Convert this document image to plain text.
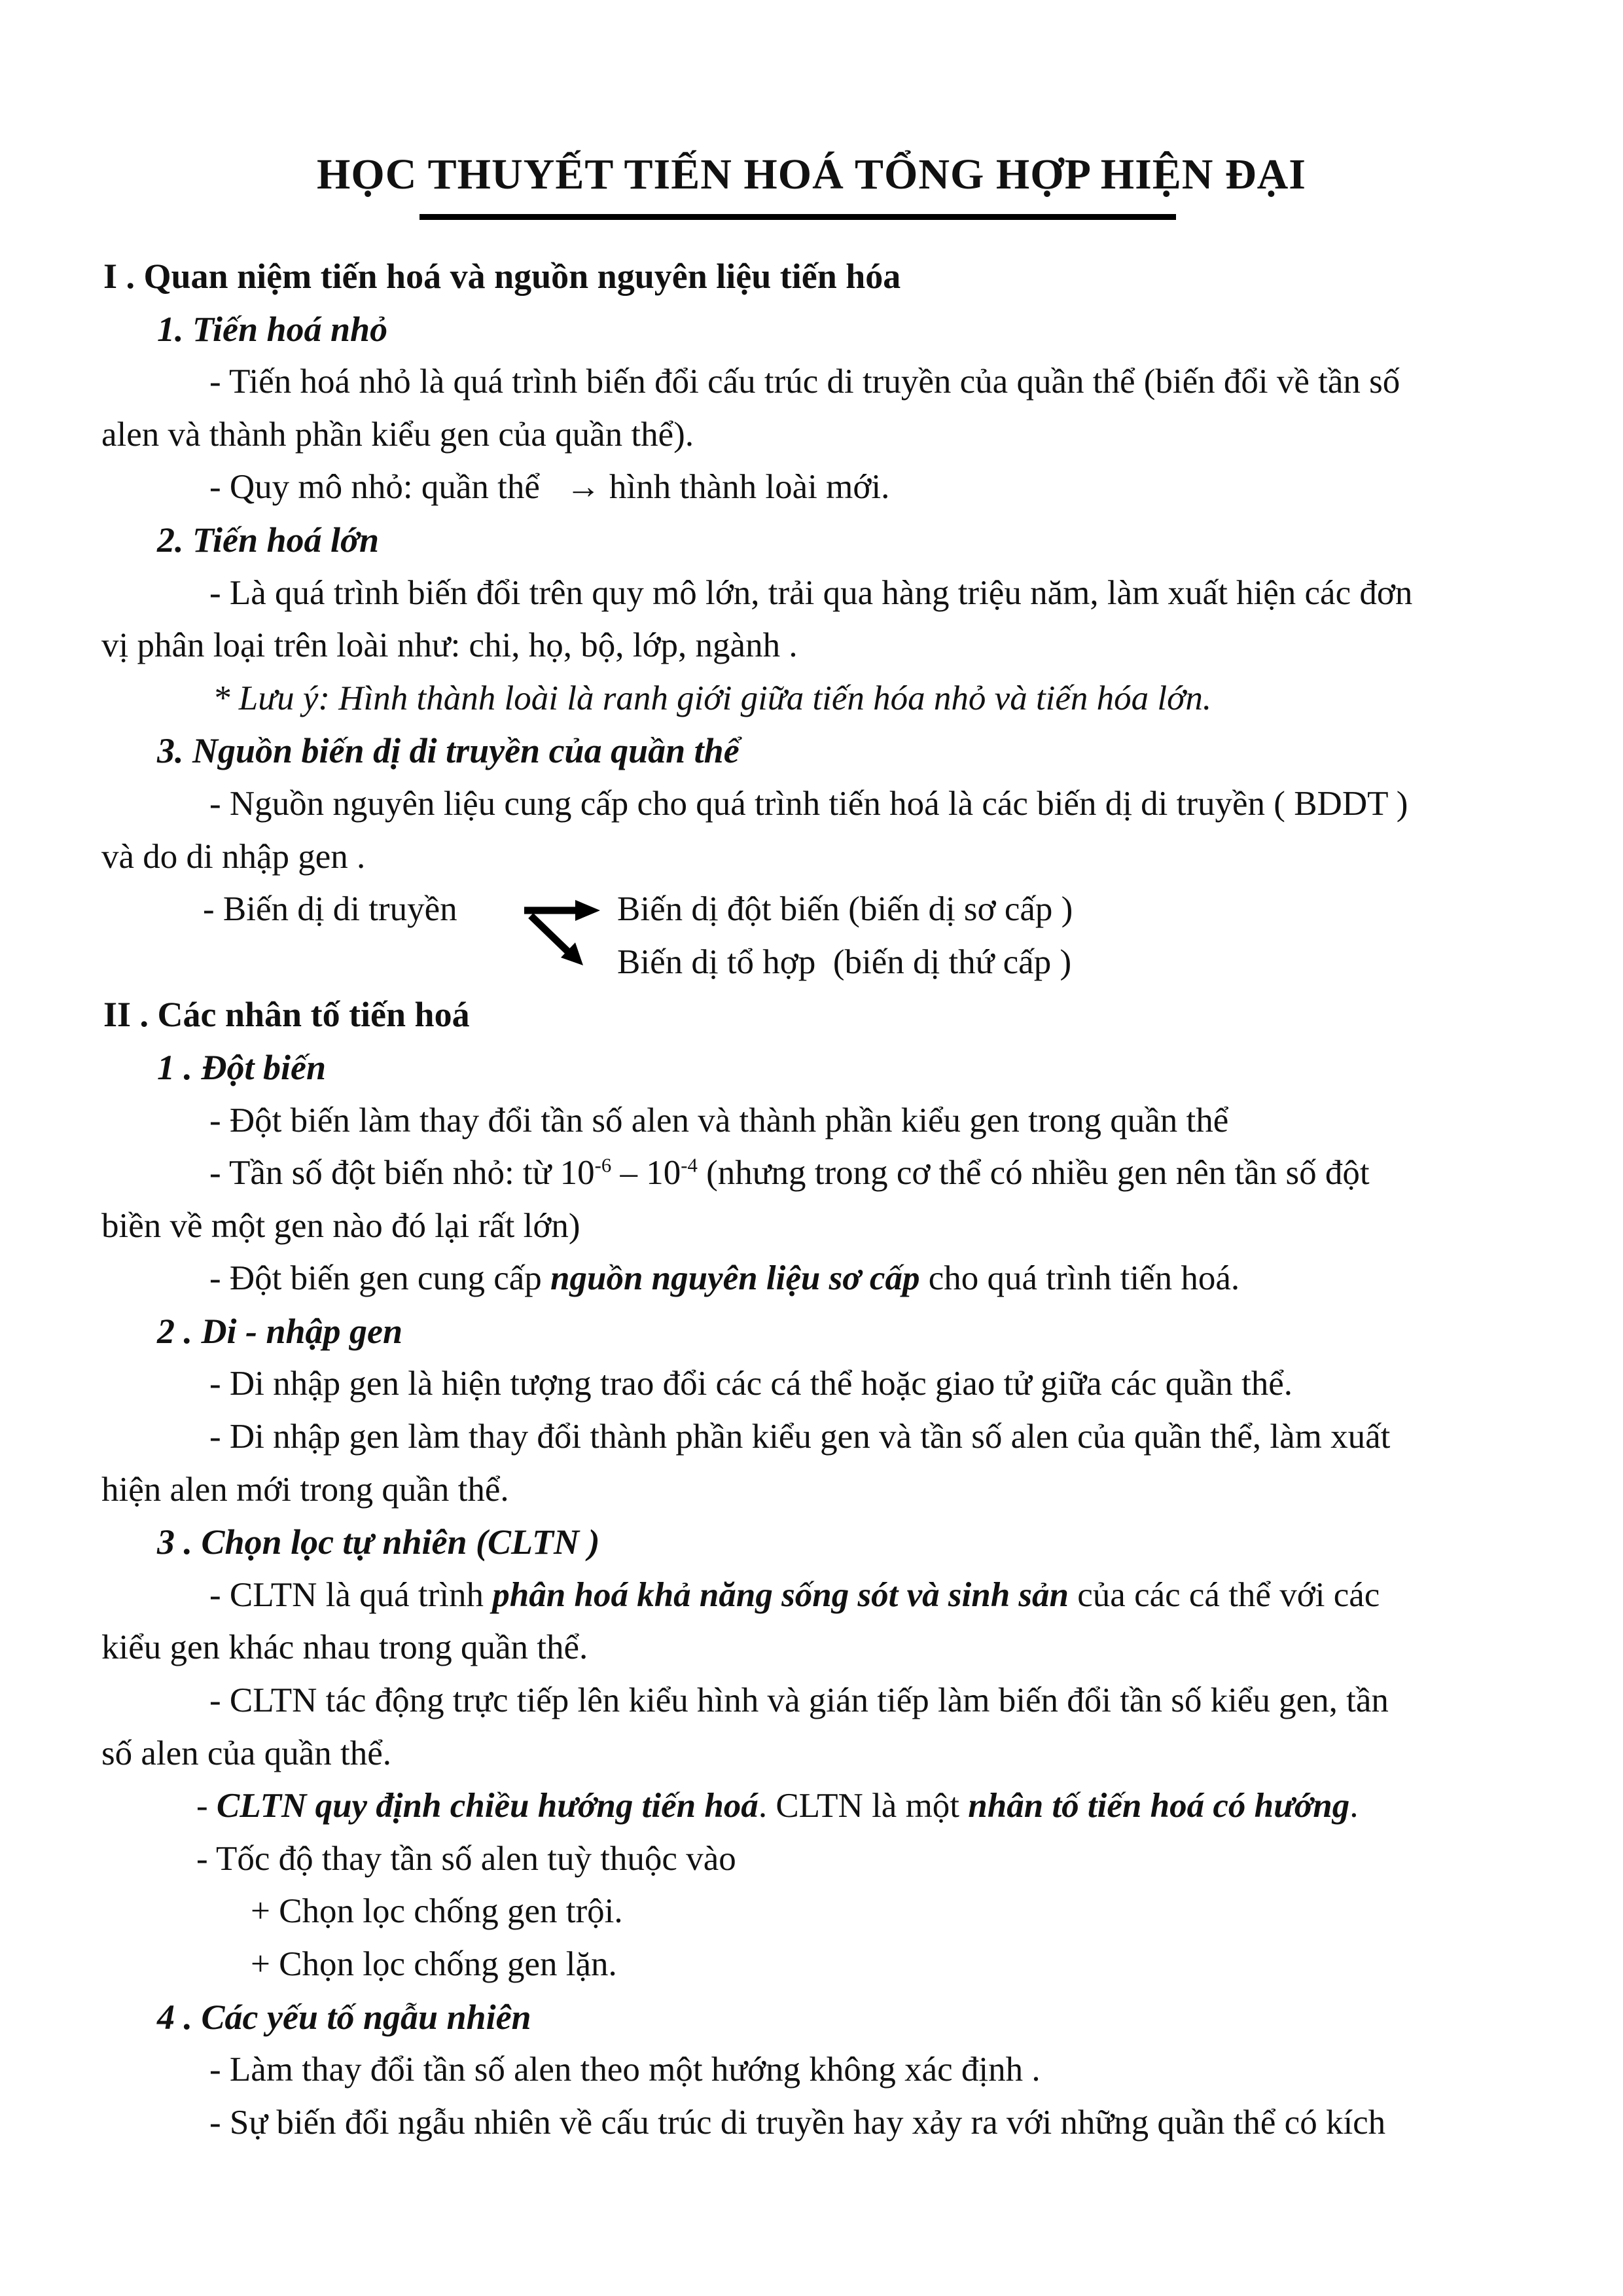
HỌC THUYẾT TIẾN HOÁ TỔNG HỢP HIỆN ĐẠI
I . Quan niệm tiến hoá và nguồn nguyên liệu tiến hóa
1. Tiến hoá nhỏ
- Tiến hoá nhỏ là quá trình biến đổi cấu trúc di truyền của quần thể (biến đổi về tần số
alen và thành phần kiểu gen của quần thể).
- Quy mô nhỏ: quần thể   → hình thành loài mới.
2. Tiến hoá lớn
- Là quá trình biến đổi trên quy mô lớn, trải qua hàng triệu năm, làm xuất hiện các đơn
vị phân loại trên loài như: chi, họ, bộ, lớp, ngành .
* Lưu ý: Hình thành loài là ranh giới giữa tiến hóa nhỏ và tiến hóa lớn.
3. Nguồn biến dị di truyền của quần thể
- Nguồn nguyên liệu cung cấp cho quá trình tiến hoá là các biến dị di truyền ( BDDT )
và do di nhập gen .
- Biến dị di truyền	Biến dị đột biến (biến dị sơ cấp )
Biến dị tổ hợp  (biến dị thứ cấp )
II . Các nhân tố tiến hoá
1 . Đột biến
- Đột biến làm thay đổi tần số alen và thành phần kiểu gen trong quần thể
- Tần số đột biến nhỏ: từ $10^{-6} - 10^{-4}$ (nhưng trong cơ thể có nhiều gen nên tần số đột
biền về một gen nào đó lại rất lớn)
- Đột biến gen cung cấp nguồn nguyên liệu sơ cấp cho quá trình tiến hoá.
2 . Di - nhập gen
- Di nhập gen là hiện tượng trao đổi các cá thể hoặc giao tử giữa các quần thể.
- Di nhập gen làm thay đổi thành phần kiểu gen và tần số alen của quần thể, làm xuất
hiện alen mới trong quần thể.
3 . Chọn lọc tự nhiên (CLTN )
- CLTN là quá trình phân hoá khả năng sống sót và sinh sản của các cá thể với các
kiểu gen khác nhau trong quần thể.
- CLTN tác động trực tiếp lên kiểu hình và gián tiếp làm biến đổi tần số kiểu gen, tần
số alen của quần thể.
- CLTN quy định chiều hướng tiến hoá. CLTN là một nhân tố tiến hoá có hướng.
- Tốc độ thay tần số alen tuỳ thuộc vào
+ Chọn lọc chống gen trội.
+ Chọn lọc chống gen lặn.
4 . Các yếu tố ngẫu nhiên
- Làm thay đổi tần số alen theo một hướng không xác định .
- Sự biến đổi ngẫu nhiên về cấu trúc di truyền hay xảy ra với những quần thể có kích
